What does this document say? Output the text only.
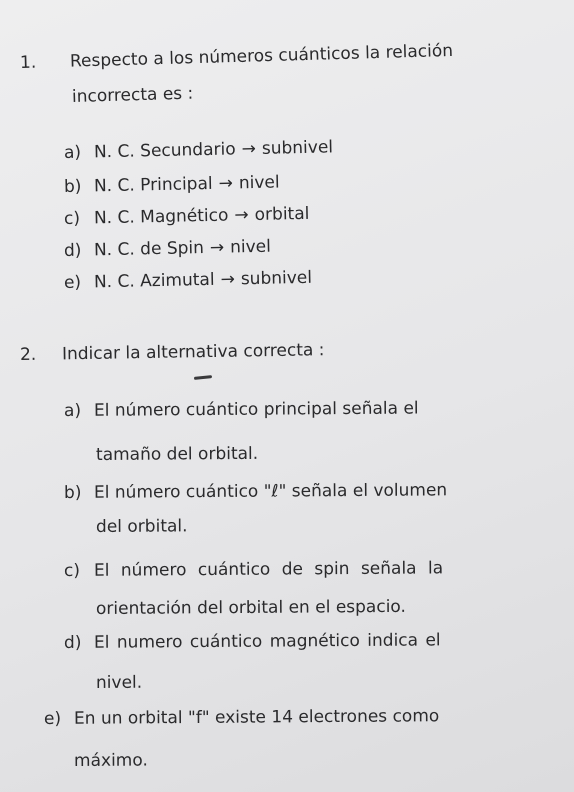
1. Respecto a los números cuánticos la relación
incorrecta es :
a) N. C. Secundario → subnivel
b) N. C. Principal → nivel
c) N. C. Magnético → orbital
d) N. C. de Spin → nivel
e) N. C. Azimutal → subnivel
2. Indicar la alternativa correcta :
a) El número cuántico principal señala el
tamaño del orbital.
b) El número cuántico "ℓ" señala el volumen
del orbital.
c) El número cuántico de spin señala la
orientación del orbital en el espacio.
d) El numero cuántico magnético indica el
nivel.
e) En un orbital "f" existe 14 electrones como
máximo.
